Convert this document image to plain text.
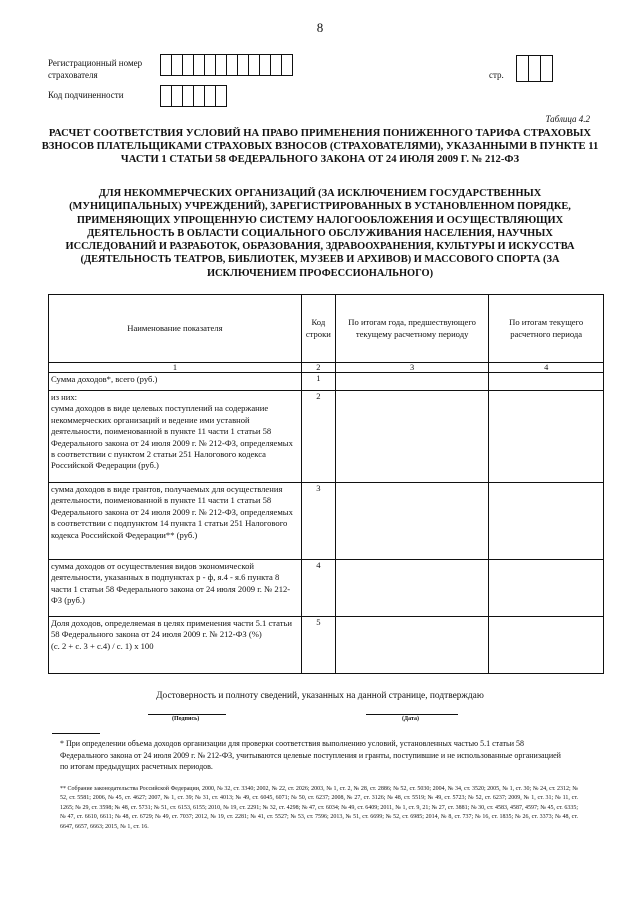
8
Регистрационный номер страхователя
Код подчиненности
стр.
Таблица 4.2
РАСЧЕТ СООТВЕТСТВИЯ УСЛОВИЙ НА ПРАВО ПРИМЕНЕНИЯ ПОНИЖЕННОГО ТАРИФА СТРАХОВЫХ ВЗНОСОВ ПЛАТЕЛЬЩИКАМИ СТРАХОВЫХ ВЗНОСОВ (СТРАХОВАТЕЛЯМИ), УКАЗАННЫМИ В ПУНКТЕ 11 ЧАСТИ 1 СТАТЬИ 58 ФЕДЕРАЛЬНОГО ЗАКОНА ОТ 24 ИЮЛЯ 2009 Г. № 212-ФЗ
ДЛЯ НЕКОММЕРЧЕСКИХ ОРГАНИЗАЦИЙ (ЗА ИСКЛЮЧЕНИЕМ ГОСУДАРСТВЕННЫХ (МУНИЦИПАЛЬНЫХ) УЧРЕЖДЕНИЙ), ЗАРЕГИСТРИРОВАННЫХ В УСТАНОВЛЕННОМ ПОРЯДКЕ, ПРИМЕНЯЮЩИХ УПРОЩЕННУЮ СИСТЕМУ НАЛОГООБЛОЖЕНИЯ И ОСУЩЕСТВЛЯЮЩИХ ДЕЯТЕЛЬНОСТЬ В ОБЛАСТИ СОЦИАЛЬНОГО ОБСЛУЖИВАНИЯ НАСЕЛЕНИЯ, НАУЧНЫХ ИССЛЕДОВАНИЙ И РАЗРАБОТОК, ОБРАЗОВАНИЯ, ЗДРАВООХРАНЕНИЯ, КУЛЬТУРЫ И ИСКУССТВА (ДЕЯТЕЛЬНОСТЬ ТЕАТРОВ, БИБЛИОТЕК, МУЗЕЕВ И АРХИВОВ) И МАССОВОГО СПОРТА (ЗА ИСКЛЮЧЕНИЕМ ПРОФЕССИОНАЛЬНОГО)
Наименование показателя	Код строки	По итогам года, предшествующего текущему расчетному периоду	По итогам текущего расчетного периода
1	2	3	4
Сумма доходов*, всего (руб.)	1		
из них:
сумма доходов в виде целевых поступлений на содержание некоммерческих организаций и ведение ими уставной деятельности, поименованной в пункте 11 части 1 статьи 58 Федерального закона от 24 июля 2009 г. № 212-ФЗ, определяемых в соответствии с пунктом 2 статьи 251 Налогового кодекса Российской Федерации (руб.)	2		
сумма доходов в виде грантов, получаемых для осуществления деятельности, поименованной в пункте 11 части 1 статьи 58 Федерального закона от 24 июля 2009 г. № 212-ФЗ, определяемых в соответствии с подпунктом 14 пункта 1 статьи 251 Налогового кодекса Российской Федерации** (руб.)	3		
сумма доходов от осуществления видов экономической деятельности, указанных в подпунктах р - ф, я.4 - я.6 пункта 8 части 1 статьи 58 Федерального закона от 24 июля 2009 г. № 212-ФЗ (руб.)	4		
Доля доходов, определяемая в целях применения части 5.1 статьи 58 Федерального закона от 24 июля 2009 г. № 212-ФЗ (%)
(с. 2 + с. 3 + с.4) / с. 1) х 100	5		
Достоверность и полноту сведений, указанных на данной странице, подтверждаю
(Подпись)	(Дата)
* При определении объема доходов организации для проверки соответствия выполнению условий, установленных частью 5.1 статьи 58 Федерального закона от 24 июля 2009 г. № 212-ФЗ, учитываются целевые поступления и гранты, поступившие и не использованные организацией по итогам предыдущих расчетных периодов.
** Собрание законодательства Российской Федерации, 2000, № 32, ст. 3340; 2002, № 22, ст. 2026; 2003, № 1, ст. 2, № 28, ст. 2886; № 52, ст. 5030; 2004, № 34, ст. 3520; 2005, № 1, ст. 30; № 24, ст. 2312; № 52, ст. 5581; 2006, № 45, ст. 4627; 2007, № 1, ст. 39; № 31, ст. 4013; № 49, ст. 6045, 6071; № 50, ст. 6237; 2008, № 27, ст. 3126; № 48, ст. 5519; № 49, ст. 5723; № 52, ст. 6237; 2009, № 1, ст. 31; № 11, ст. 1265; № 29, ст. 3598; № 48, ст. 5731; № 51, ст. 6153, 6155; 2010, № 19, ст. 2291; № 32, ст. 4298; № 47, ст. 6034; № 49, ст. 6409; 2011, № 1, ст. 9, 21; № 27, ст. 3881; № 30, ст. 4583, 4587, 4597; № 45, ст. 6335; № 47, ст. 6610, 6611; № 48, ст. 6729; № 49, ст. 7037; 2012, № 19, ст. 2281; № 41, ст. 5527; № 53, ст. 7596; 2013, № 51, ст. 6699; № 52, ст. 6985; 2014, № 8, ст. 737; № 16, ст. 1835; № 26, ст. 3373; № 48, ст. 6647, 6657, 6663; 2015, № 1, ст. 16.
